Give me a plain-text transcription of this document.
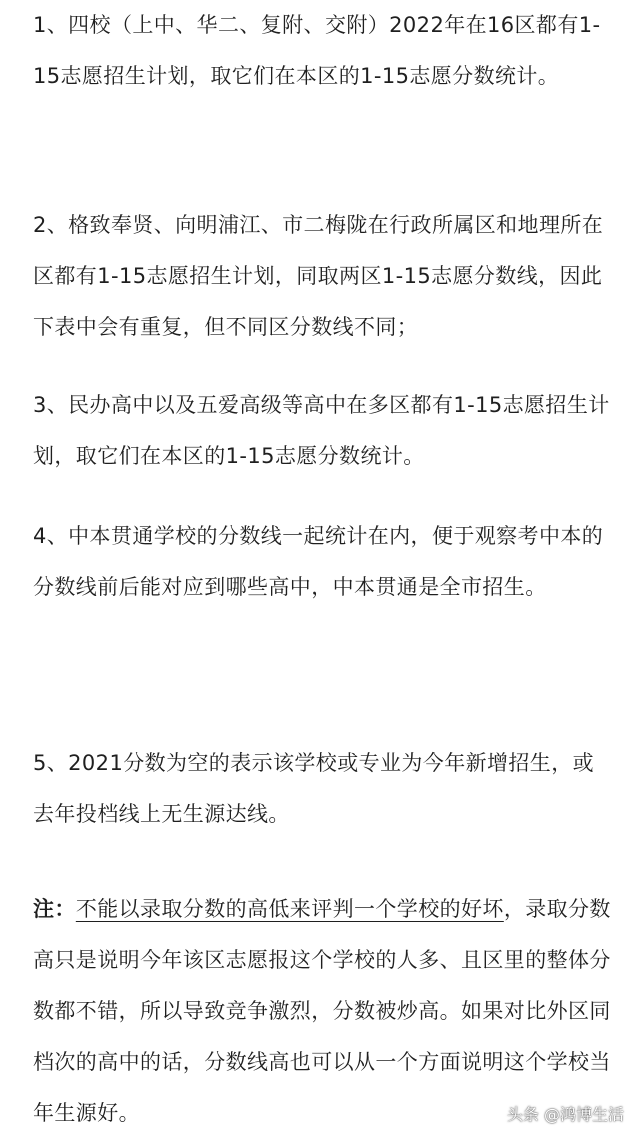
1、四校（上中、华二、复附、交附）2022年在16区都有1-15志愿招生计划，取它们在本区的1-15志愿分数统计。

2、格致奉贤、向明浦江、市二梅陇在行政所属区和地理所在区都有1-15志愿招生计划，同取两区1-15志愿分数线，因此下表中会有重复，但不同区分数线不同；

3、民办高中以及五爱高级等高中在多区都有1-15志愿招生计划，取它们在本区的1-15志愿分数统计。

4、中本贯通学校的分数线一起统计在内，便于观察考中本的分数线前后能对应到哪些高中，中本贯通是全市招生。

5、2021分数为空的表示该学校或专业为今年新增招生，或去年投档线上无生源达线。

注：不能以录取分数的高低来评判一个学校的好坏，录取分数高只是说明今年该区志愿报这个学校的人多、且区里的整体分数都不错，所以导致竞争激烈，分数被炒高。如果对比外区同档次的高中的话，分数线高也可以从一个方面说明这个学校当年生源好。	头条 @鸿博生活
